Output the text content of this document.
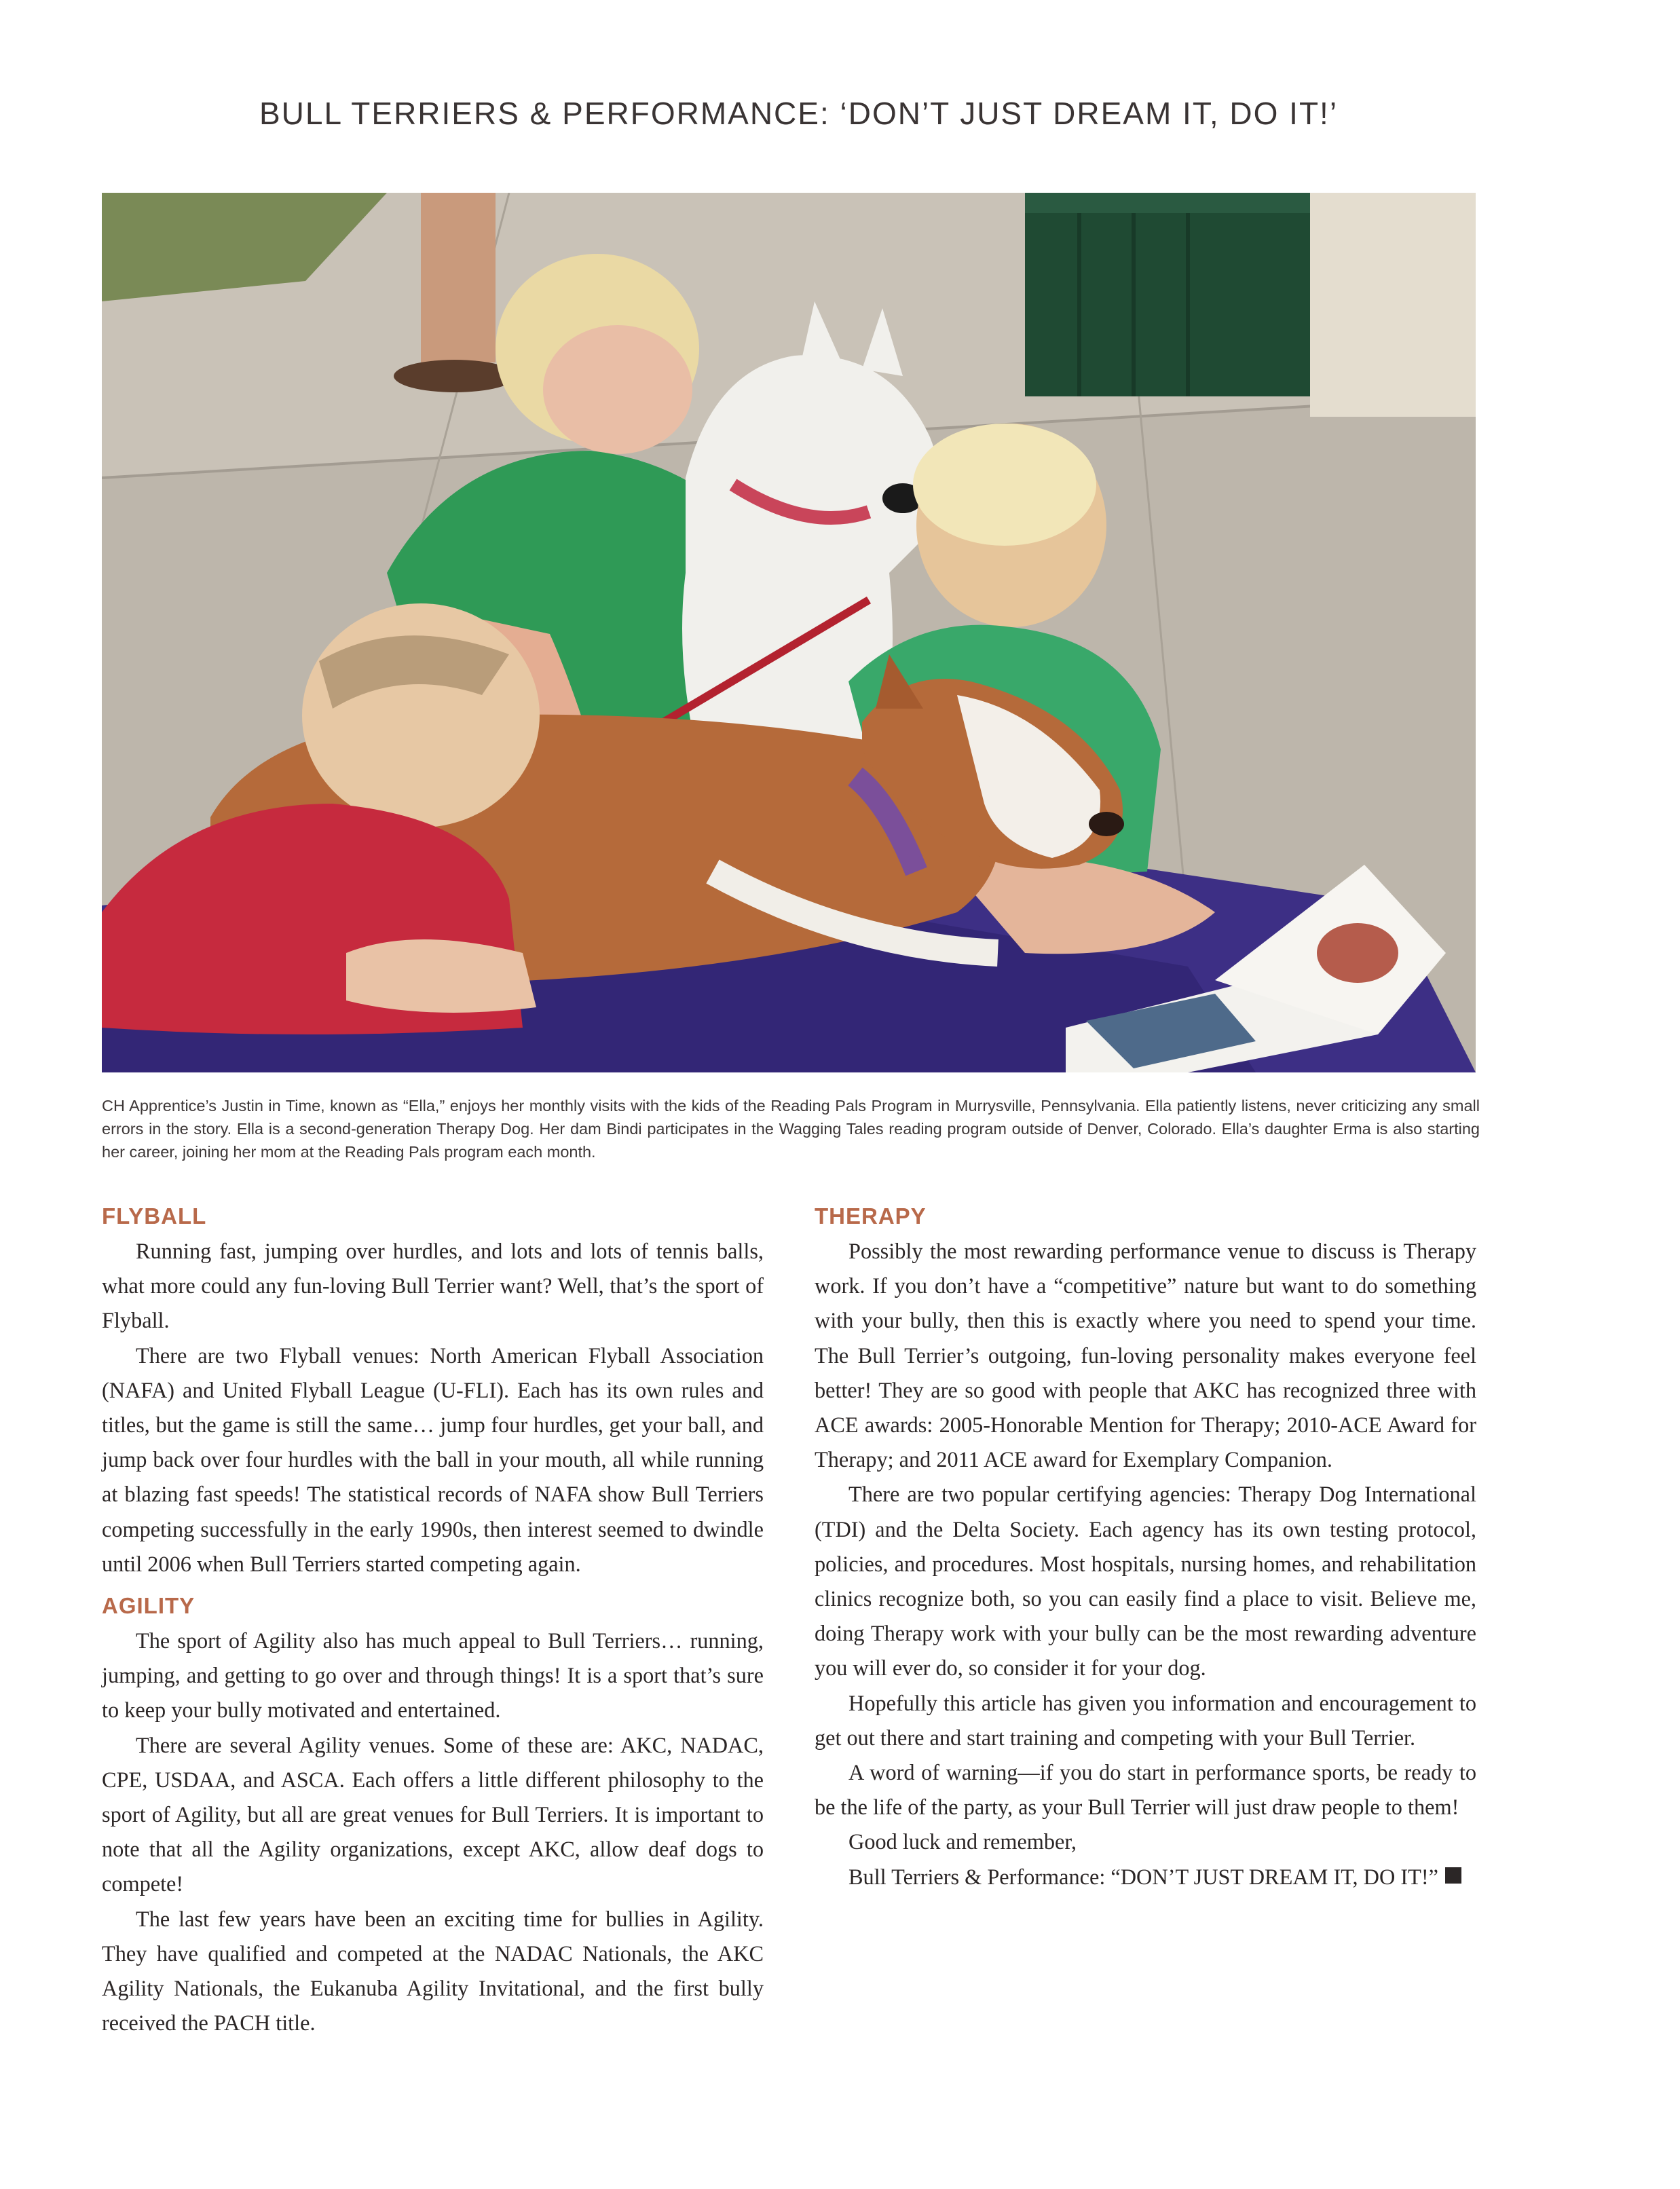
BULL TERRIERS & PERFORMANCE: ‘DON’T JUST DREAM IT, DO IT!’
CH Apprentice’s Justin in Time, known as “Ella,” enjoys her monthly visits with the kids of the Reading Pals Program in Murrysville, Pennsylvania. Ella patiently listens, never criticizing any small errors in the story. Ella is a second-generation Therapy Dog. Her dam Bindi participates in the Wagging Tales reading program outside of Denver, Colorado. Ella’s daughter Erma is also starting her career, joining her mom at the Reading Pals program each month.
FLYBALL

Running fast, jumping over hurdles, and lots and lots of tennis balls, what more could any fun-loving Bull Terrier want? Well, that’s the sport of Flyball.

There are two Flyball venues: North American Flyball Association (NAFA) and United Flyball League (U-FLI). Each has its own rules and titles, but the game is still the same… jump four hurdles, get your ball, and jump back over four hurdles with the ball in your mouth, all while running at blazing fast speeds! The statistical records of NAFA show Bull Terriers competing successfully in the early 1990s, then interest seemed to dwindle until 2006 when Bull Terriers started competing again.

AGILITY

The sport of Agility also has much appeal to Bull Terriers… running, jumping, and getting to go over and through things! It is a sport that’s sure to keep your bully motivated and entertained.

There are several Agility venues. Some of these are: AKC, NADAC, CPE, USDAA, and ASCA. Each offers a little different philosophy to the sport of Agility, but all are great venues for Bull Terriers. It is important to note that all the Agility organizations, except AKC, allow deaf dogs to compete!

The last few years have been an exciting time for bullies in Agility. They have qualified and competed at the NADAC Nationals, the AKC Agility Nationals, the Eukanuba Agility Invitational, and the first bully received the PACH title.

THERAPY

Possibly the most rewarding performance venue to discuss is Therapy work. If you don’t have a “competitive” nature but want to do something with your bully, then this is exactly where you need to spend your time. The Bull Terrier’s outgoing, fun-loving personality makes everyone feel better! They are so good with people that AKC has recognized three with ACE awards: 2005-Honorable Mention for Therapy; 2010-ACE Award for Therapy; and 2011 ACE award for Exemplary Companion.

There are two popular certifying agencies: Therapy Dog International (TDI) and the Delta Society. Each agency has its own testing protocol, policies, and procedures. Most hospitals, nursing homes, and rehabilitation clinics recognize both, so you can easily find a place to visit. Believe me, doing Therapy work with your bully can be the most rewarding adventure you will ever do, so consider it for your dog.

Hopefully this article has given you information and encouragement to get out there and start training and competing with your Bull Terrier.

A word of warning—if you do start in performance sports, be ready to be the life of the party, as your Bull Terrier will just draw people to them!

Good luck and remember,

Bull Terriers & Performance: “DON’T JUST DREAM IT, DO IT!”
